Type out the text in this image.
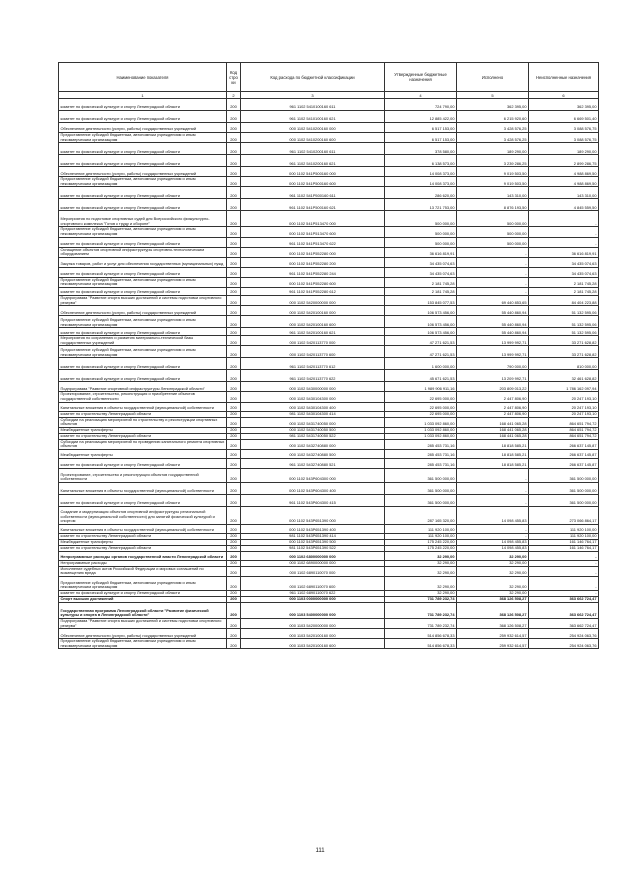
Наименование показателя	Код стро ки	Код расхода по бюджетной классификации	Утвержденные бюджетные назначения	Исполнено	Неисполненные назначения
1	2	3	4	5	6
комитет по физической культуре и спорту Ленинградской области	200	961 1102 5410100160 611	724 790,00	362 395,00	362 395,00
комитет по физической культуре и спорту Ленинградской области	200	961 1102 5410100160 621	12 885 422,00	6 215 920,60	6 669 501,40
Обеспечение деятельности (услуги, работы) государственных учреждений	200	000 1102 5410200160 000	6 517 153,00	3 428 576,25	3 088 576,75
Предоставление субсидий бюджетным, автономным учреждениям и иным некоммерческим организациям	200	000 1102 5410200160 600	6 517 153,00	3 428 576,25	3 088 576,75
комитет по физической культуре и спорту Ленинградской области	200	961 1102 5410200160 611	378 580,00	189 290,00	189 290,00
комитет по физической культуре и спорту Ленинградской области	200	961 1102 5410200160 621	6 138 573,00	3 239 286,25	2 899 286,75
Обеспечение деятельности (услуги, работы) государственных учреждений	200	000 1102 541P500160 000	14 008 373,00	9 019 503,50	4 988 869,50
Предоставление субсидий бюджетным, автономным учреждениям и иным некоммерческим организациям	200	000 1102 541P500160 600	14 008 373,00	9 019 503,50	4 988 869,50
комитет по физической культуре и спорту Ленинградской области	200	961 1102 541P500160 611	286 620,00	143 310,00	143 310,00
комитет по физической культуре и спорту Ленинградской области	200	961 1102 541P500160 621	13 721 753,00	8 876 193,50	4 845 559,50
Мероприятия по подготовке спортивных судей для Всероссийского физкультурно-спортивного комплекса "Готов к труду и обороне"	200	000 1102 541P513470 000	500 000,00	500 000,00	-
Предоставление субсидий бюджетным, автономным учреждениям и иным некоммерческим организациям	200	000 1102 541P513470 600	500 000,00	500 000,00	-
комитет по физической культуре и спорту Ленинградской области	200	961 1102 541P513470 622	500 000,00	500 000,00	-
Оснащение объектов спортивной инфраструктуры спортивно-технологическим оборудованием	200	000 1102 541P552280 000	36 616 819,91	-	36 616 819,91
Закупка товаров, работ и услуг для обеспечения государственных (муниципальных) нужд	200	000 1102 541P552280 200	34 435 074,63	-	34 435 074,63
комитет по физической культуре и спорту Ленинградской области	200	961 1102 541P552280 244	34 435 074,63	-	34 435 074,63
Предоставление субсидий бюджетным, автономным учреждениям и иным некоммерческим организациям	200	000 1102 541P552280 600	2 181 745,28	-	2 181 745,28
комитет по физической культуре и спорту Ленинградской области	200	961 1102 541P552280 612	2 181 745,28	-	2 181 745,28
Подпрограмма "Развитие спорта высших достижений и системы подготовки спортивного резерва"	200	000 1102 5420000000 000	153 845 077,53	69 440 853,65	84 404 223,88
Обеспечение деятельности (услуги, работы) государственных учреждений	200	000 1102 5420100160 000	106 573 456,00	55 440 860,94	51 132 595,06
Предоставление субсидий бюджетным, автономным учреждениям и иным некоммерческим организациям	200	000 1102 5420100160 600	106 573 456,00	55 440 860,94	51 132 595,06
комитет по физической культуре и спорту Ленинградской области	200	961 1102 5420100160 621	106 573 456,00	55 440 860,94	51 132 595,06
Мероприятия по сохранению и развитию материально-технической базы государственных учреждений	200	000 1102 5420113770 000	47 271 621,53	13 999 992,71	33 271 628,82
Предоставление субсидий бюджетным, автономным учреждениям и иным некоммерческим организациям	200	000 1102 5420113770 600	47 271 621,53	13 999 992,71	33 271 628,82
комитет по физической культуре и спорту Ленинградской области	200	961 1102 5420113770 612	1 600 000,00	790 000,00	810 000,00
комитет по физической культуре и спорту Ленинградской области	200	961 1102 5420113770 622	45 671 621,53	13 209 992,71	32 461 628,82
Подпрограмма "Развитие спортивной инфраструктуры Ленинградской области"	200	000 1102 5430000000 000	1 989 906 911,16	203 809 013,22	1 786 162 097,94
Проектирование, строительство, реконструкция и приобретение объектов государственной собственности	200	000 1102 5430104300 000	22 695 000,00	2 447 806,90	20 247 193,10
Капитальные вложения в объекты государственной (муниципальной) собственности	200	000 1102 5430104300 400	22 695 000,00	2 447 806,90	20 247 193,10
комитет по строительству Ленинградской области	200	981 1102 5430104300 414	22 695 000,00	2 447 806,90	20 247 193,10
Субсидии на реализацию мероприятий по строительству и реконструкции спортивных объектов	200	000 1102 5431740050 000	1 033 092 860,00	168 441 065,28	864 651 794,72
Межбюджетные трансферты	200	000 1102 5431740050 500	1 033 092 860,00	168 441 065,28	864 651 794,72
комитет по строительству Ленинградской области	200	981 1102 5431740050 522	1 033 092 860,00	168 441 065,28	864 651 794,72
Субсидии на реализацию мероприятий по проведению капитального ремонта спортивных объектов	200	000 1102 5432740880 000	285 453 731,16	18 818 585,21	266 637 145,87
Межбюджетные трансферты	200	000 1102 5432740880 500	285 453 731,16	18 818 585,21	266 637 145,87
комитет по физической культуре и спорту Ленинградской области	200	961 1102 5432740880 521	285 453 731,16	18 818 585,21	266 637 145,87
Проектирование, строительство и реконструкция объектов государственной собственности	200	000 1102 543P604300 000	361 500 000,00	-	361 500 000,00
Капитальные вложения в объекты государственной (муниципальной) собственности	200	000 1102 543P604300 400	361 500 000,00	-	361 500 000,00
комитет по физической культуре и спорту Ленинградской области	200	961 1102 543P604300 415	361 500 000,00	-	361 500 000,00
Создание и модернизация объектов спортивной инфраструктуры региональной собственности (муниципальной собственности) для занятий физической культурой и спортом	200	000 1102 543P651390 000	287 165 320,00	14 098 455,83	273 066 864,17
Капитальные вложения в объекты государственной (муниципальной) собственности	200	000 1102 543P651390 400	111 920 100,00	-	111 920 100,00
комитет по строительству Ленинградской области	200	981 1102 543P651390 414	111 920 100,00	-	111 920 100,00
Межбюджетные трансферты	200	000 1102 543P651390 500	175 245 220,00	14 098 455,83	161 146 764,17
комитет по строительству Ленинградской области	200	981 1102 543P651390 522	175 245 220,00	14 098 455,83	161 146 764,17
Непрограммные расходы органов государственной власти Ленинградской области	200	000 1102 6800000000 000	32 290,00	32 290,00	-
Непрограммные расходы	200	000 1102 6890000000 000	32 290,00	32 290,00	-
Исполнение судебных актов Российской Федерации и мировых соглашений по возмещению вреда	200	000 1102 6890110070 000	32 290,00	32 290,00	-
Предоставление субсидий бюджетным, автономным учреждениям и иным некоммерческим организациям	200	000 1102 6890110070 600	32 290,00	32 290,00	-
комитет по физической культуре и спорту Ленинградской области	200	961 1102 6890110070 622	32 290,00	32 290,00	-
Спорт высших достижений	200	000 1103 0000000000 000	731 789 232,74	368 126 508,27	363 662 724,47
Государственная программа Ленинградской области "Развитие физической культуры и спорта в Ленинградской области"	200	000 1103 5400000000 000	731 789 232,74	368 126 508,27	363 662 724,47
Подпрограмма "Развитие спорта высших достижений и системы подготовки спортивного резерва"	200	000 1103 5420000000 000	731 789 232,74	368 126 508,27	363 662 724,47
Обеспечение деятельности (услуги, работы) государственных учреждений	200	000 1103 5420100160 000	514 856 678,33	259 932 614,57	254 924 063,76
Предоставление субсидий бюджетным, автономным учреждениям и иным некоммерческим организациям	200	000 1103 5420100160 600	514 856 678,33	259 932 614,57	254 924 063,76
111
